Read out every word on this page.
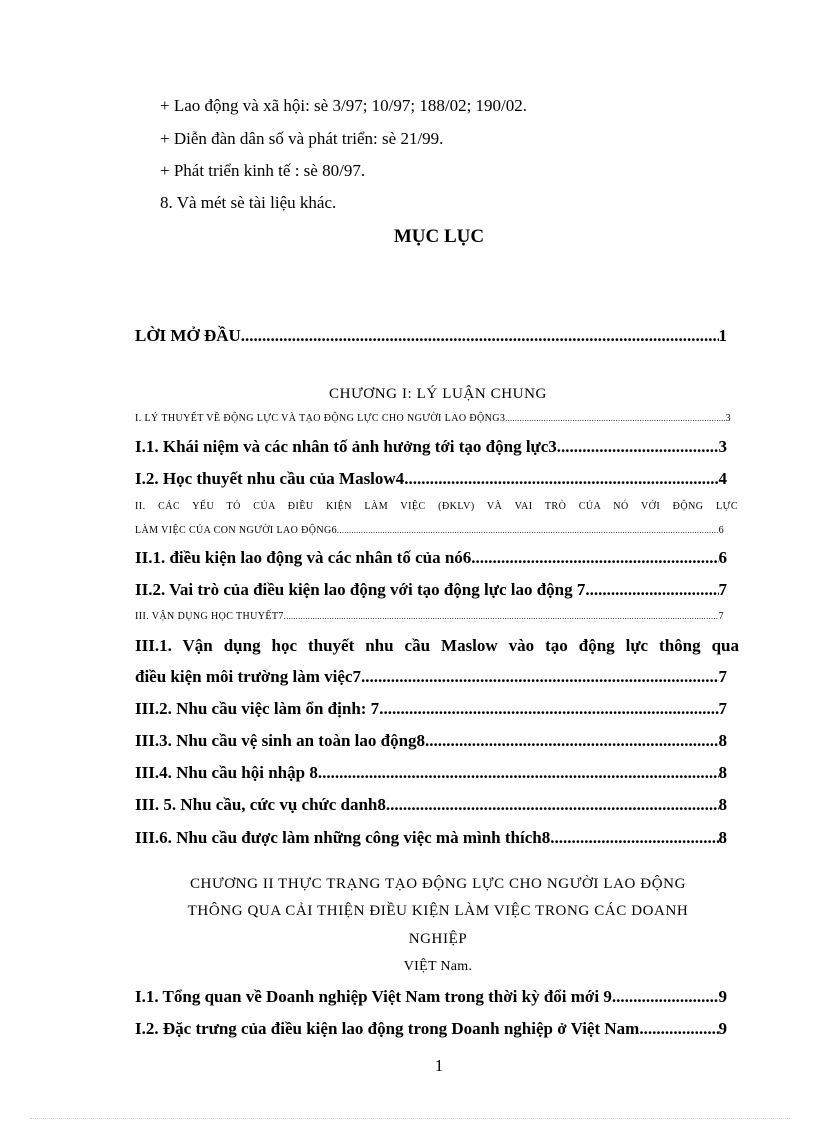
+ Lao động và xã hội: sè 3/97; 10/97; 188/02; 190/02.
+ Diễn đàn dân số và phát triển: sè 21/99.
+ Phát triển kinh tế : sè 80/97.
8. Và mét sè tài liệu khác.
MỤC LỤC
LỜI MỞ ĐẦU .....	1
CHƯƠNG I: LÝ LUẬN CHUNG
I. LÝ THUYẾT VỀ ĐỘNG LỰC VÀ TẠO ĐỘNG LỰC CHO NGƯỜI LAO ĐỘNG3 .....	3
I.1. Khái niệm và các nhân tố ảnh hưởng tới tạo động lực3 .....	3
I.2. Học thuyết nhu cầu của Maslow4 .....	4
II. CÁC YẾU TÓ CỦA ĐIỀU KIỆN LÀM VIỆC (ĐKLV) VÀ VAI TRÒ CỦA NÓ VỚI ĐỘNG LỰC
LÀM VIỆC CỦA CON NGƯỜI LAO ĐỘNG6 .....	6
II.1. điều kiện lao động và các nhân tố của nó6 .....	6
II.2. Vai trò của điều kiện lao động với tạo động lực lao động 7 .....	7
III. VẬN DỤNG HỌC THUYẾT7 .....	7
III.1. Vận dụng học thuyết nhu cầu Maslow vào tạo động lực thông qua
điều kiện môi trường làm việc7 .....	7
III.2. Nhu cầu việc làm ổn định: 7 .....	7
III.3. Nhu cầu vệ sinh an toàn lao động8 .....	8
III.4. Nhu cầu hội nhập 8 .....	8
III. 5. Nhu cầu, cức vụ chức danh8 .....	8
III.6. Nhu cầu được làm những công việc mà mình thích8 .....	8
CHƯƠNG II THỰC TRẠNG TẠO ĐỘNG LỰC CHO NGƯỜI LAO ĐỘNG
THÔNG QUA CẢI THIỆN ĐIỀU KIỆN LÀM VIỆC TRONG CÁC DOANH
NGHIỆP
VIỆT Nam.
I.1. Tổng quan về Doanh nghiệp Việt Nam trong thời kỳ đổi mới 9 .....	9
I.2. Đặc trưng của điều kiện lao động trong Doanh nghiệp ở Việt Nam .....	9
1
